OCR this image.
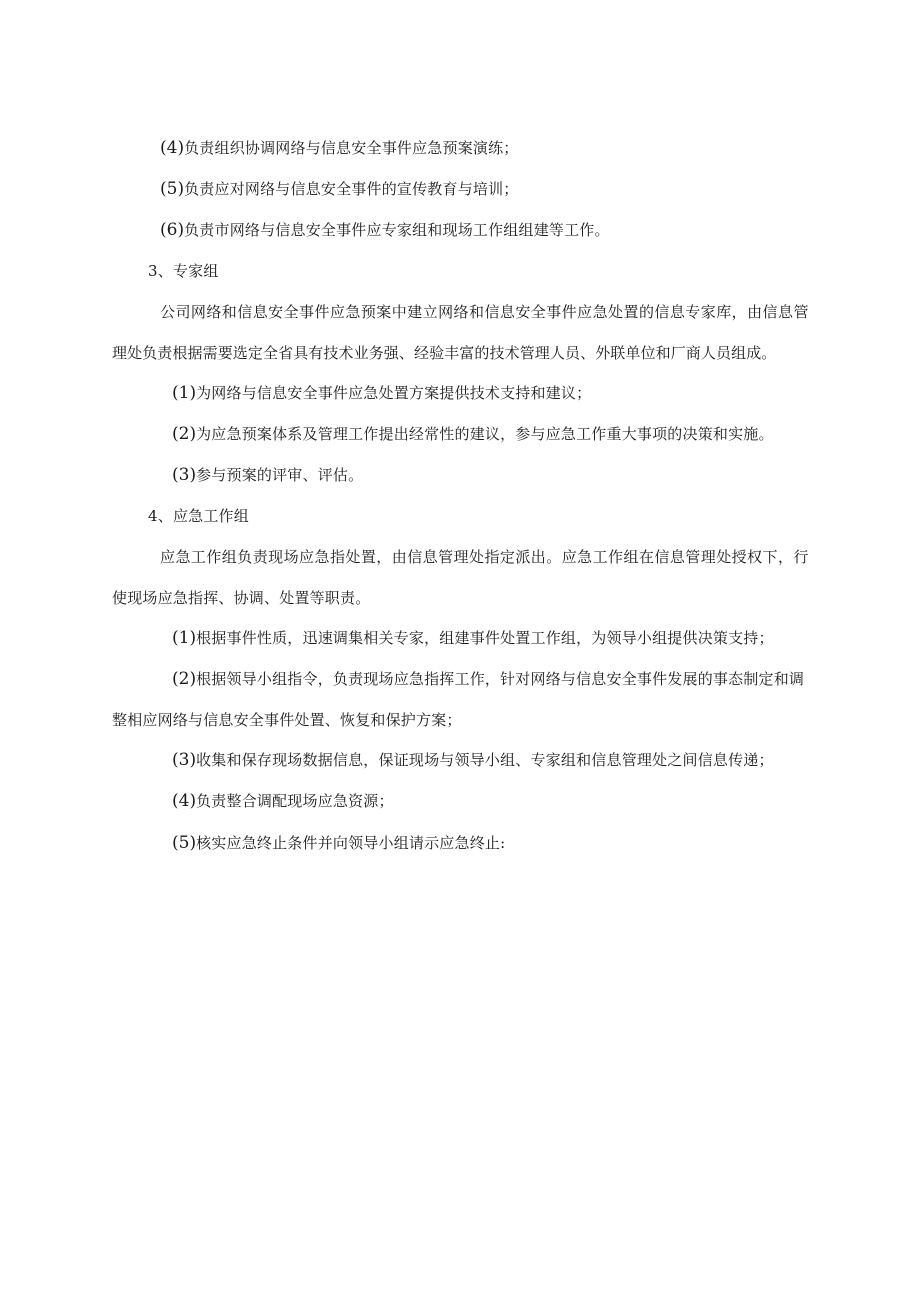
(4)负责组织协调网络与信息安全事件应急预案演练；
(5)负责应对网络与信息安全事件的宣传教育与培训；
(6)负责市网络与信息安全事件应专家组和现场工作组组建等工作。
3、专家组
公司网络和信息安全事件应急预案中建立网络和信息安全事件应急处置的信息专家库，由信息管
理处负责根据需要选定全省具有技术业务强、经验丰富的技术管理人员、外联单位和厂商人员组成。
(1)为网络与信息安全事件应急处置方案提供技术支持和建议；
(2)为应急预案体系及管理工作提出经常性的建议，参与应急工作重大事项的决策和实施。
(3)参与预案的评审、评估。
4、应急工作组
应急工作组负责现场应急指处置，由信息管理处指定派出。应急工作组在信息管理处授权下，行
使现场应急指挥、协调、处置等职责。
(1)根据事件性质，迅速调集相关专家，组建事件处置工作组，为领导小组提供决策支持；
(2)根据领导小组指令，负责现场应急指挥工作，针对网络与信息安全事件发展的事态制定和调
整相应网络与信息安全事件处置、恢复和保护方案；
(3)收集和保存现场数据信息，保证现场与领导小组、专家组和信息管理处之间信息传递；
(4)负责整合调配现场应急资源；
(5)核实应急终止条件并向领导小组请示应急终止:
